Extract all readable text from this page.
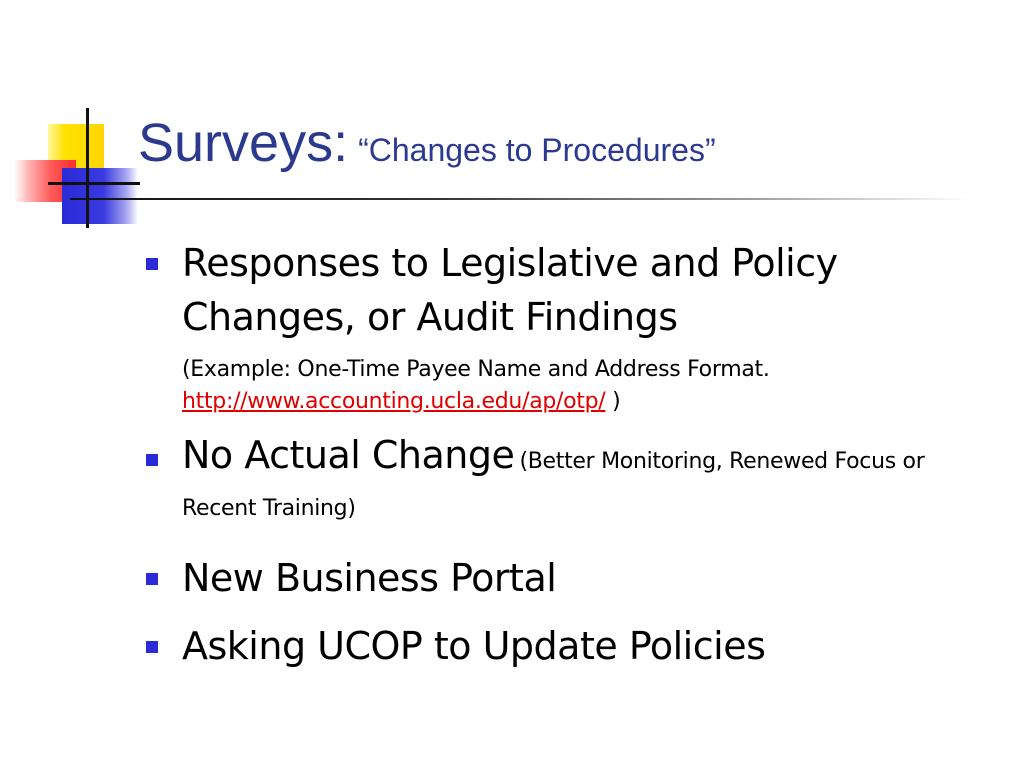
Surveys: “Changes to Procedures”
Responses to Legislative and Policy Changes, or Audit Findings
(Example: One-Time Payee Name and Address Format.
http://www.accounting.ucla.edu/ap/otp/ )
No Actual Change (Better Monitoring, Renewed Focus or Recent Training)
New Business Portal
Asking UCOP to Update Policies
